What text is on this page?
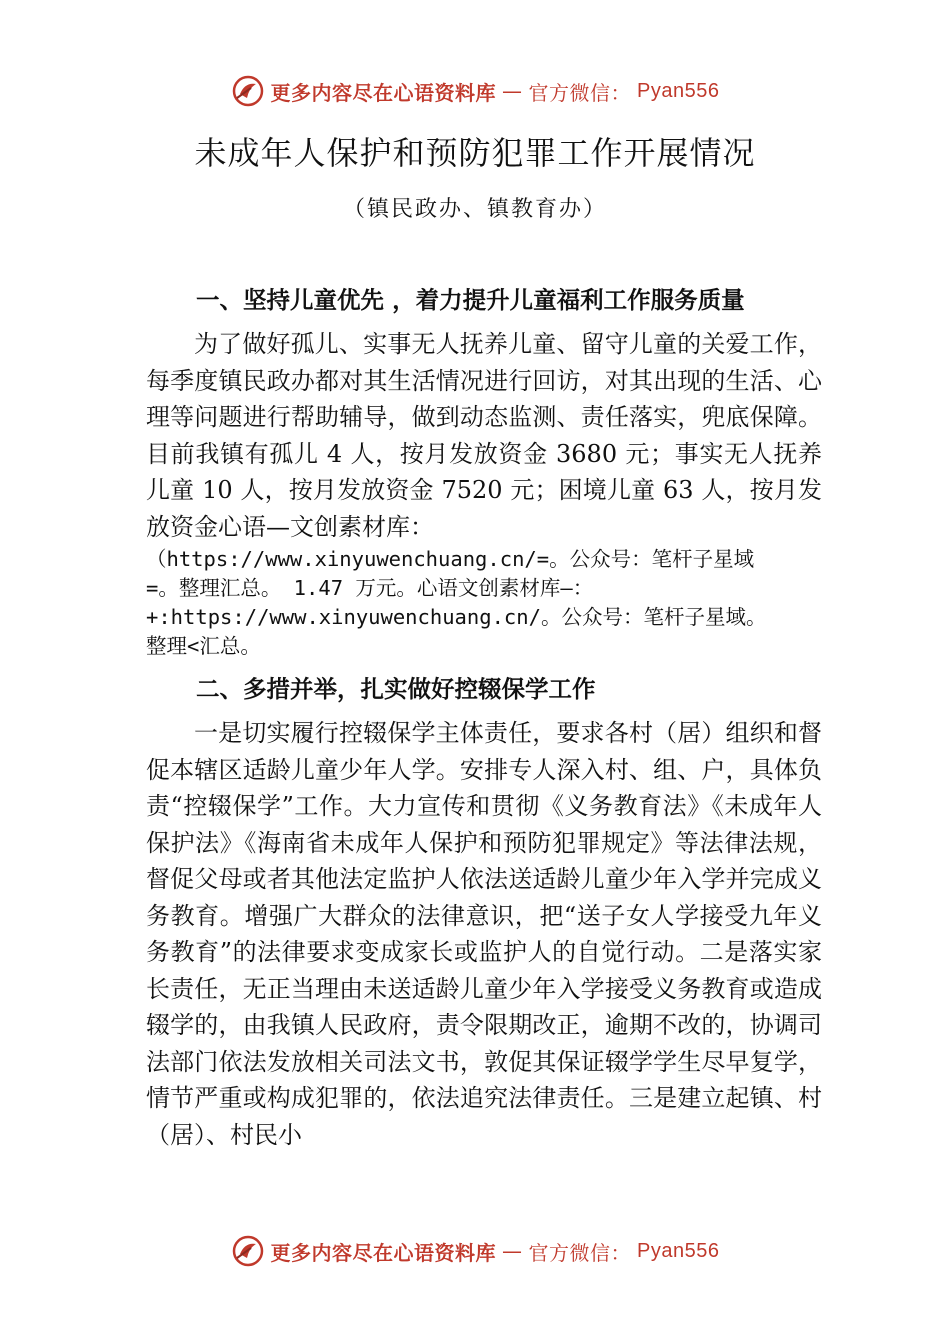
更多内容尽在心语资料库 — 官方微信： Pyan556
未成年人保护和预防犯罪工作开展情况
（镇民政办、镇教育办）
一、坚持儿童优先 ，着力提升儿童福利工作服务质量

为了做好孤儿、实事无人抚养儿童、留守儿童的关爱工作，每季度镇民政办都对其生活情况进行回访，对其出现的生活、心理等问题进行帮助辅导，做到动态监测、责任落实，兜底保障。目前我镇有孤儿 4 人，按月发放资金 3680 元；事实无人抚养儿童 10 人，按月发放资金 7520 元；困境儿童 63 人，按月发放资金心语—文创素材库：

（https://www.xinyuwenchuang.cn/=。公众号：笔杆子星域
=。整理汇总。 1.47 万元。心语文创素材库—：
+:https://www.xinyuwenchuang.cn/。公众号：笔杆子星域。
整理<汇总。
二、多措并举，扎实做好控辍保学工作

一是切实履行控辍保学主体责任，要求各村（居）组织和督促本辖区适龄儿童少年人学。安排专人深入村、组、户，具体负责“控辍保学”工作。大力宣传和贯彻《义务教育法》《未成年人保护法》《海南省未成年人保护和预防犯罪规定》等法律法规，督促父母或者其他法定监护人依法送适龄儿童少年入学并完成义务教育。增强广大群众的法律意识，把“送子女人学接受九年义务教育”的法律要求变成家长或监护人的自觉行动。二是落实家长责任，无正当理由未送适龄儿童少年入学接受义务教育或造成辍学的，由我镇人民政府，责令限期改正，逾期不改的，协调司法部门依法发放相关司法文书，敦促其保证辍学学生尽早复学，情节严重或构成犯罪的，依法追究法律责任。三是建立起镇、村（居）、村民小

更多内容尽在心语资料库 — 官方微信： Pyan556
